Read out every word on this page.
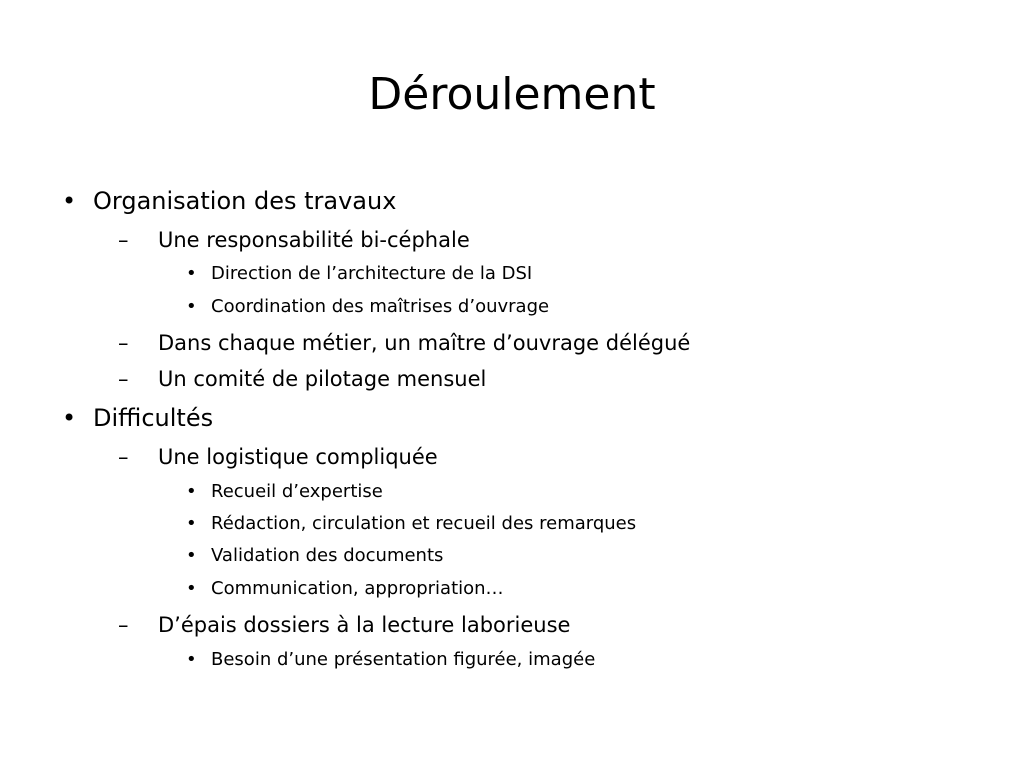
Déroulement
• Organisation des travaux
– Une responsabilité bi-céphale
• Direction de l’architecture de la DSI
• Coordination des maîtrises d’ouvrage
– Dans chaque métier, un maître d’ouvrage délégué
– Un comité de pilotage mensuel
• Difficultés
– Une logistique compliquée
• Recueil d’expertise
• Rédaction, circulation et recueil des remarques
• Validation des documents
• Communication, appropriation…
– D’épais dossiers à la lecture laborieuse
• Besoin d’une présentation figurée, imagée
